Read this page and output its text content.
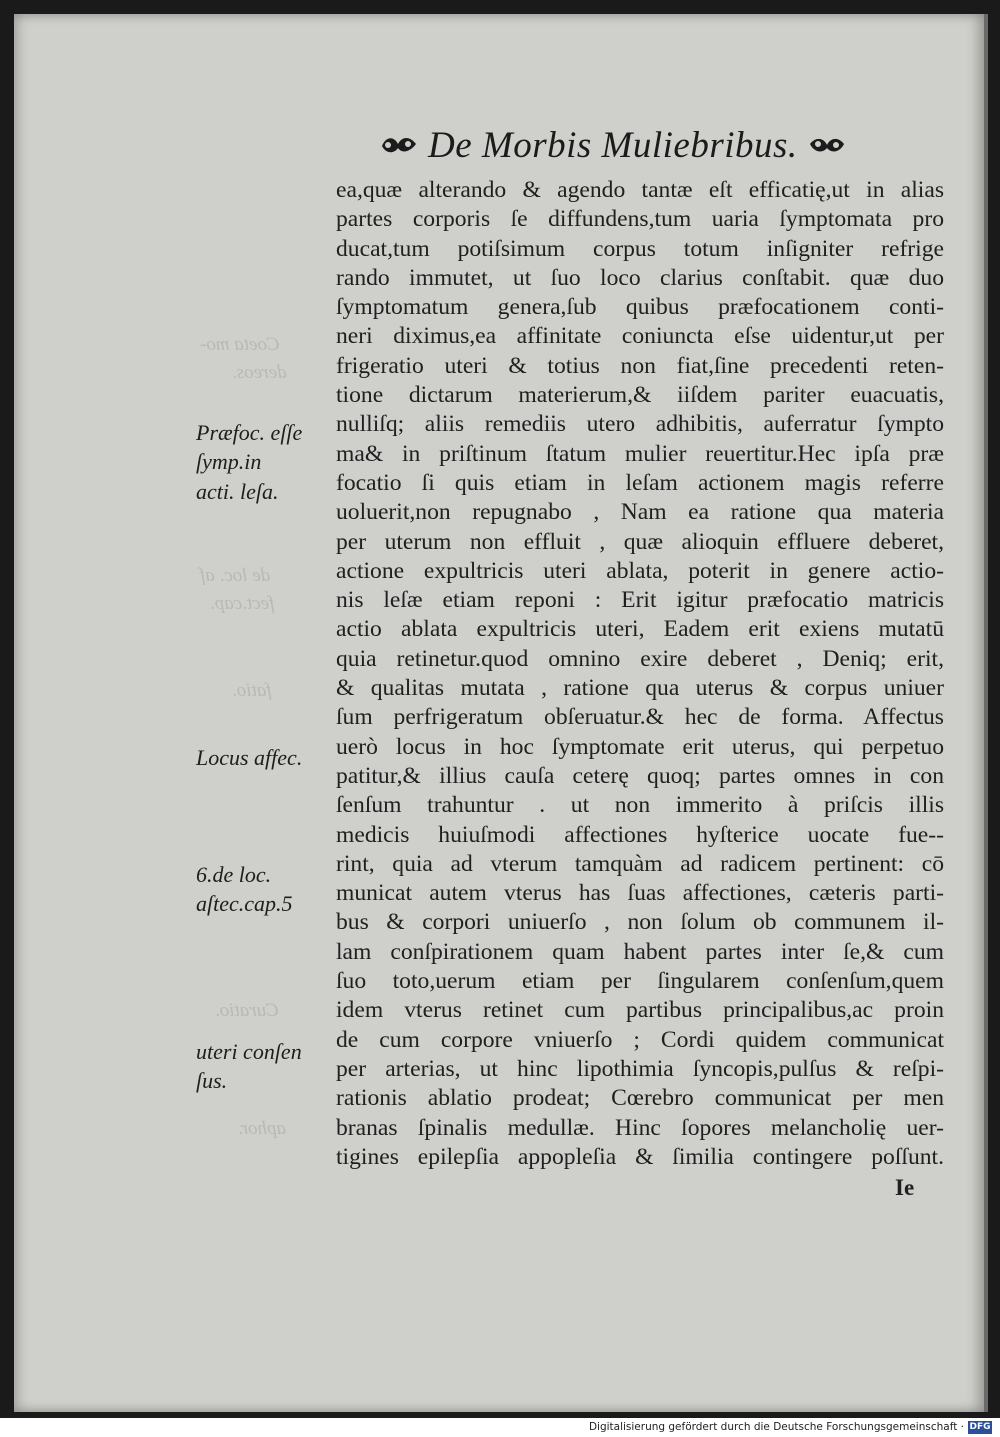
Coeta mo-
dereos.
de loc. af
fect.cap.
fatio.
Curatio.
aphor.
De Morbis Muliebribus.
ea,quæ alterando & agendo tantæ eſt efficatię,ut in alias
partes corporis ſe diffundens,tum uaria ſymptomata pro
ducat,tum potiſsimum corpus totum inſigniter refrige
rando immutet, ut ſuo loco clarius conſtabit. quæ duo
ſymptomatum genera,ſub quibus præfocationem conti-
neri diximus,ea affinitate coniuncta eſse uidentur,ut per
frigeratio uteri & totius non fiat,ſine precedenti reten-
tione dictarum materierum,& iiſdem pariter euacuatis,
nulliſq; aliis remediis utero adhibitis, auferratur ſympto
ma& in priſtinum ſtatum mulier reuertitur.Hec ipſa præ
focatio ſi quis etiam in leſam actionem magis referre
uoluerit,non repugnabo , Nam ea ratione qua materia
per uterum non effluit , quæ alioquin effluere deberet,
actione expultricis uteri ablata, poterit in genere actio-
nis leſæ etiam reponi : Erit igitur præfocatio matricis
actio ablata expultricis uteri, Eadem erit exiens mutatū
quia retinetur.quod omnino exire deberet , Deniq; erit,
& qualitas mutata , ratione qua uterus & corpus uniuer
ſum perfrigeratum obſeruatur.& hec de forma. Affectus
uerò locus in hoc ſymptomate erit uterus, qui perpetuo
patitur,& illius cauſa ceterę quoq; partes omnes in con
ſenſum trahuntur . ut non immerito à priſcis illis
medicis huiuſmodi affectiones hyſterice uocate fue--
rint, quia ad vterum tamquàm ad radicem pertinent: cō
municat autem vterus has ſuas affectiones, cæteris parti-
bus & corpori uniuerſo , non ſolum ob communem il-
lam conſpirationem quam habent partes inter ſe,& cum
ſuo toto,uerum etiam per ſingularem conſenſum,quem
idem vterus retinet cum partibus principalibus,ac proin
de cum corpore vniuerſo ; Cordi quidem communicat
per arterias, ut hinc lipothimia ſyncopis,pulſus & reſpi-
rationis ablatio prodeat; Cœrebro communicat per men
branas ſpinalis medullæ. Hinc ſopores melancholię uer-
tigines epilepſia appopleſia & ſimilia contingere poſſunt.
Ie
Præfoc. eſſe
ſymp.in
acti. leſa.
Locus affec.
6.de loc.
aſtec.cap.5
uteri conſen
ſus.
Digitalisierung gefördert durch die Deutsche Forschungsgemeinschaft · DFG
